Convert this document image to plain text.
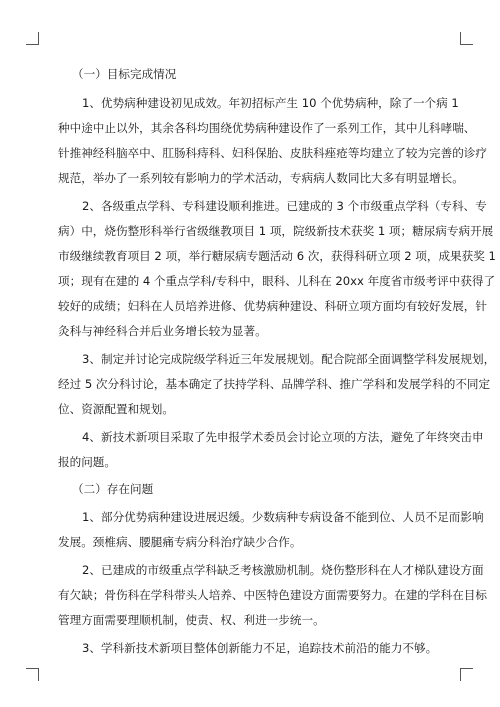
（一）目标完成情况
1、优势病种建设初见成效。年初招标产生 10 个优势病种，除了一个病 1
种中途中止以外，其余各科均围绕优势病种建设作了一系列工作，其中儿科哮喘、
针推神经科脑卒中、肛肠科痔科、妇科保胎、皮肤科痤疮等均建立了较为完善的诊疗
规范，举办了一系列较有影响力的学术活动，专病病人数同比大多有明显增长。
2、各级重点学科、专科建设顺利推进。已建成的 3 个市级重点学科（专科、专
病）中，烧伤整形科举行省级继教项目 1 项，院级新技术获奖 1 项；糖尿病专病开展
市级继续教育项目 2 项，举行糖尿病专题活动 6 次，获得科研立项 2 项，成果获奖 1
项；现有在建的 4 个重点学科/专科中，眼科、儿科在 20xx 年度省市级考评中获得了
较好的成绩；妇科在人员培养进修、优势病种建设、科研立项方面均有较好发展，针
灸科与神经科合并后业务增长较为显著。
3、制定并讨论完成院级学科近三年发展规划。配合院部全面调整学科发展规划，
经过 5 次分科讨论，基本确定了扶持学科、品牌学科、推广学科和发展学科的不同定
位、资源配置和规划。
4、新技术新项目采取了先申报学术委员会讨论立项的方法，避免了年终突击申
报的问题。
（二）存在问题
1、部分优势病种建设进展迟缓。少数病种专病设备不能到位、人员不足而影响
发展。颈椎病、腰腿痛专病分科治疗缺少合作。
2、已建成的市级重点学科缺乏考核激励机制。烧伤整形科在人才梯队建设方面
有欠缺；骨伤科在学科带头人培养、中医特色建设方面需要努力。在建的学科在目标
管理方面需要理顺机制，使责、权、利进一步统一。
3、学科新技术新项目整体创新能力不足，追踪技术前沿的能力不够。
